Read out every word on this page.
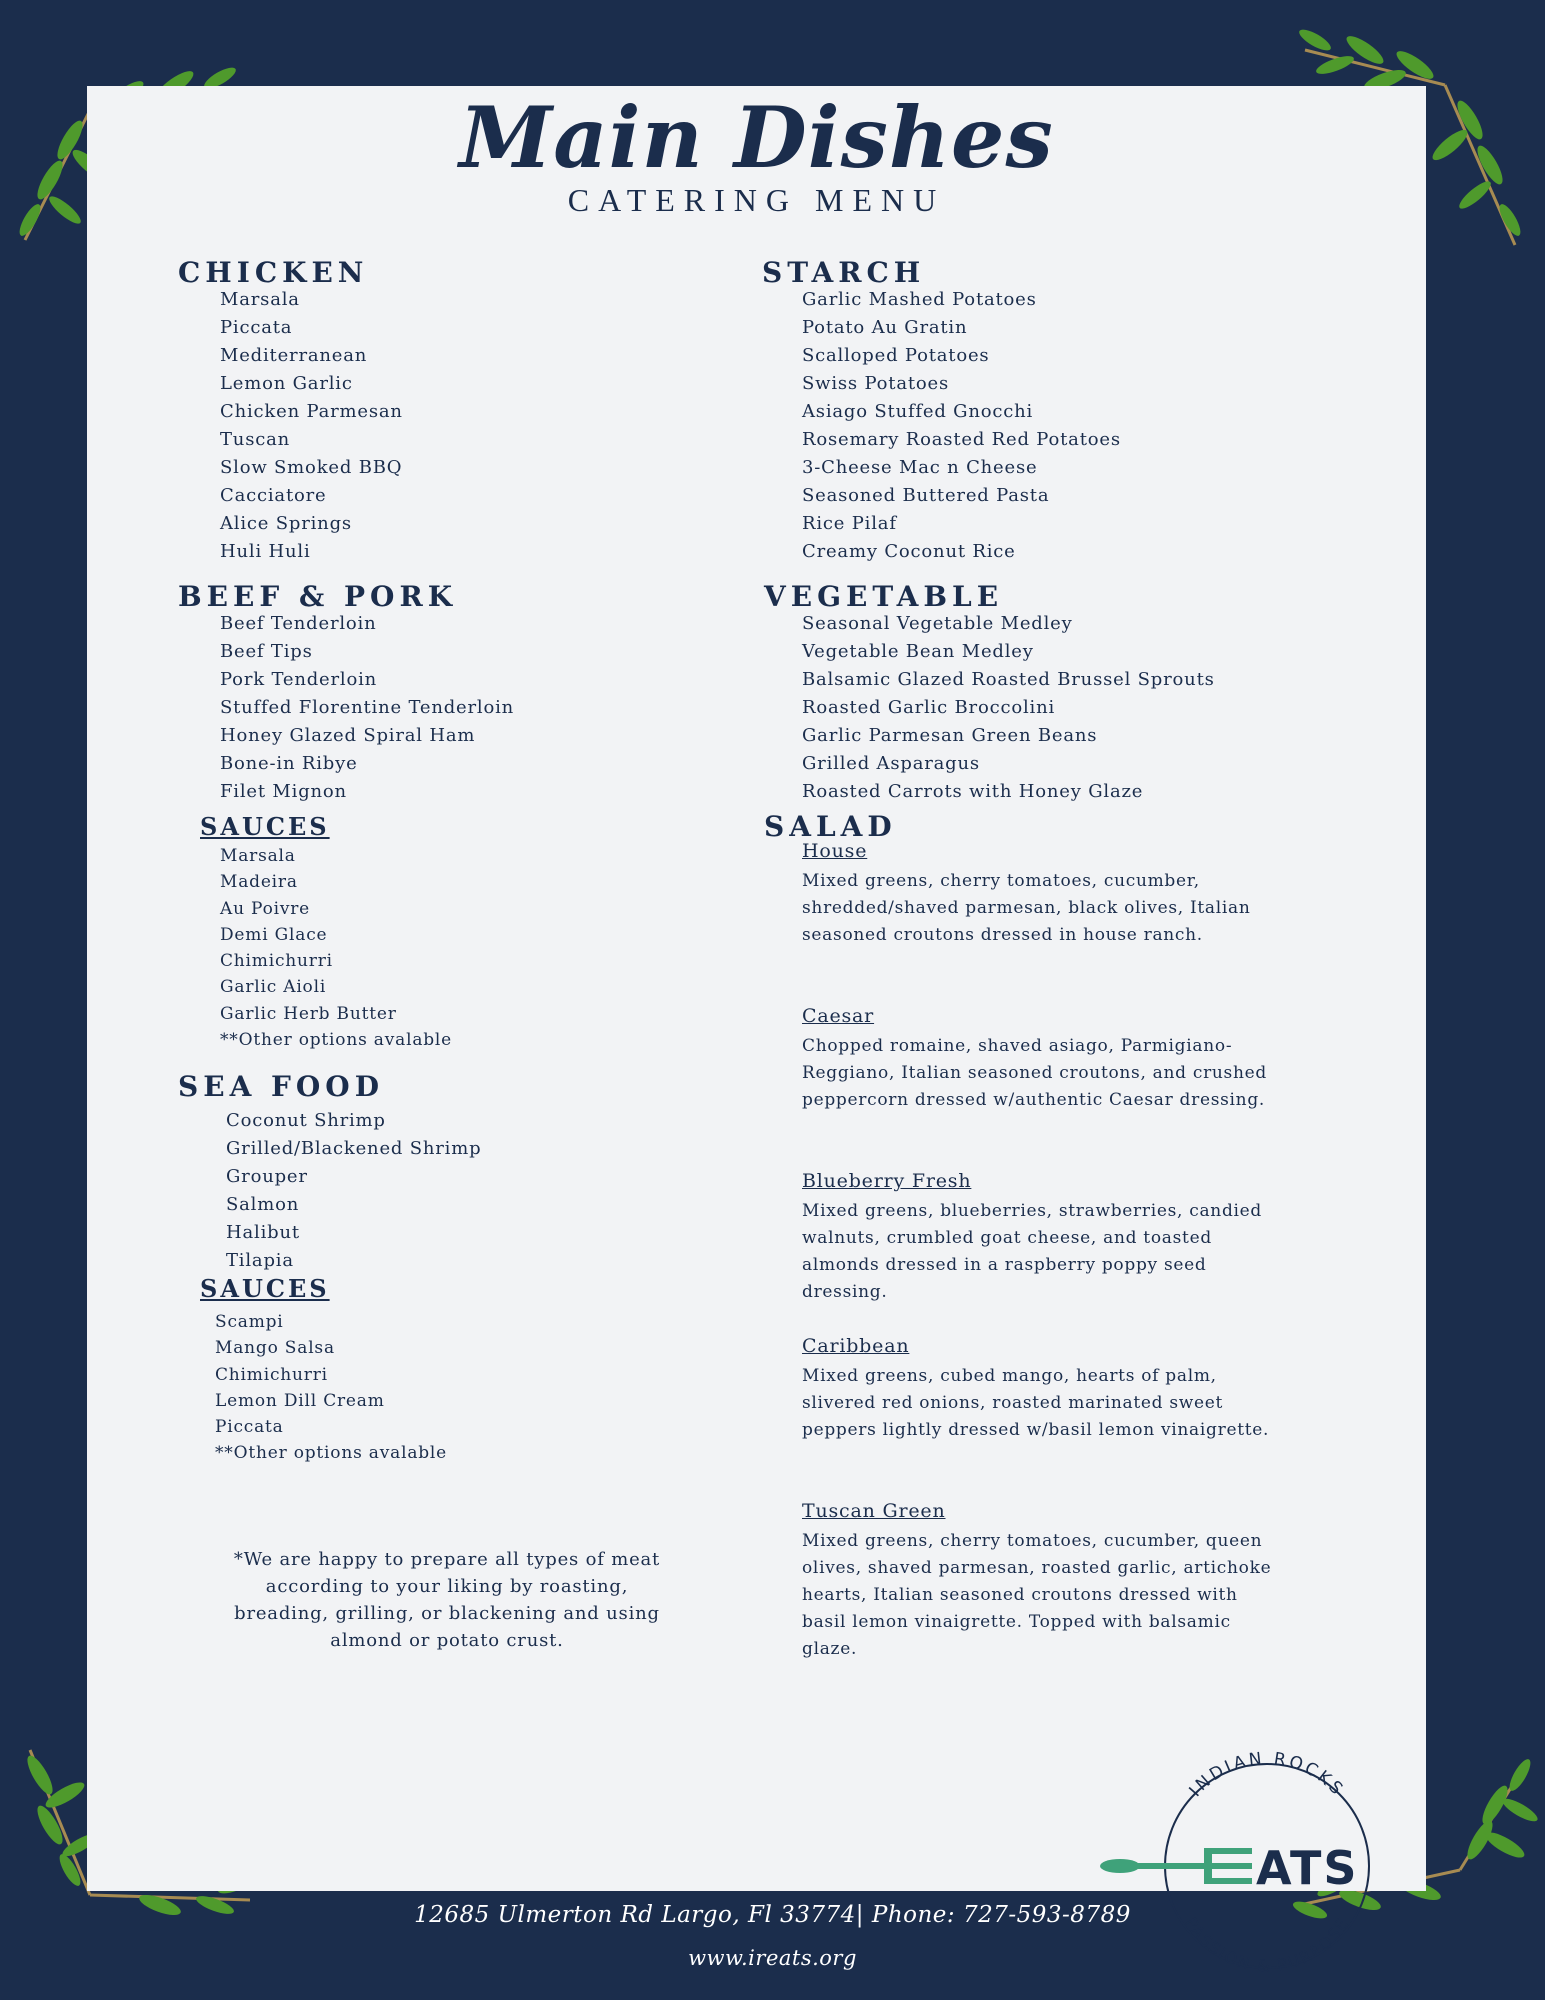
Main Dishes
CATERING MENU
CHICKEN
Marsala
Piccata
Mediterranean
Lemon Garlic
Chicken Parmesan
Tuscan
Slow Smoked BBQ
Cacciatore
Alice Springs
Huli Huli
BEEF & PORK
Beef Tenderloin
Beef Tips
Pork Tenderloin
Stuffed Florentine Tenderloin
Honey Glazed Spiral Ham
Bone-in Ribye
Filet Mignon
SAUCES
Marsala
Madeira
Au Poivre
Demi Glace
Chimichurri
Garlic Aioli
Garlic Herb Butter
**Other options avalable
SEA FOOD
Coconut Shrimp
Grilled/Blackened Shrimp
Grouper
Salmon
Halibut
Tilapia
SAUCES
Scampi
Mango Salsa
Chimichurri
Lemon Dill Cream
Piccata
**Other options avalable
*We are happy to prepare all types of meat according to your liking by roasting, breading, grilling, or blackening and using almond or potato crust.
STARCH
Garlic Mashed Potatoes
Potato Au Gratin
Scalloped Potatoes
Swiss Potatoes
Asiago Stuffed Gnocchi
Rosemary Roasted Red Potatoes
3-Cheese Mac n Cheese
Seasoned Buttered Pasta
Rice Pilaf
Creamy Coconut Rice
VEGETABLE
Seasonal Vegetable Medley
Vegetable Bean Medley
Balsamic Glazed Roasted Brussel Sprouts
Roasted Garlic Broccolini
Garlic Parmesan Green Beans
Grilled Asparagus
Roasted Carrots with Honey Glaze
SALAD
House
Mixed greens, cherry tomatoes, cucumber, shredded/shaved parmesan, black olives, Italian seasoned croutons dressed in house ranch.
Caesar
Chopped romaine, shaved asiago, Parmigiano-Reggiano, Italian seasoned croutons, and crushed peppercorn dressed w/authentic Caesar dressing.
Blueberry Fresh
Mixed greens, blueberries, strawberries, candied walnuts, crumbled goat cheese, and toasted almonds dressed in a raspberry poppy seed dressing.
Caribbean
Mixed greens, cubed mango, hearts of palm, slivered red onions, roasted marinated sweet peppers lightly dressed w/basil lemon vinaigrette.
Tuscan Green
Mixed greens, cherry tomatoes, cucumber, queen olives, shaved parmesan, roasted garlic, artichoke hearts, Italian seasoned croutons dressed with basil lemon vinaigrette. Topped with balsamic glaze.
INDIAN ROCKS
PASSION & PURPOSE
ATS
12685 Ulmerton Rd Largo, Fl 33774| Phone: 727-593-8789
www.ireats.org
